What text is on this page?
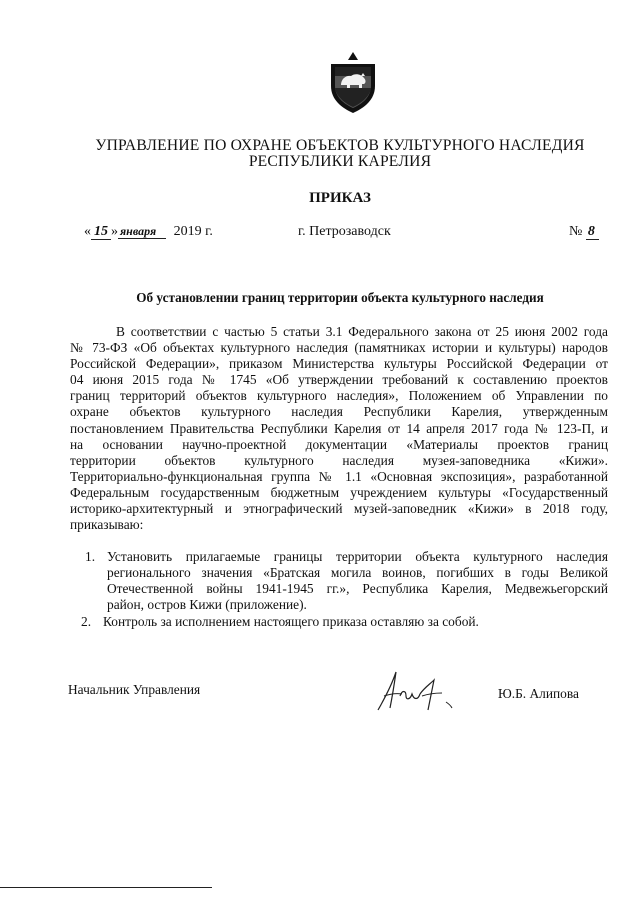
УПРАВЛЕНИЕ ПО ОХРАНЕ ОБЪЕКТОВ КУЛЬТУРНОГО НАСЛЕДИЯ
РЕСПУБЛИКИ КАРЕЛИЯ
ПРИКАЗ
« 15 » января 2019 г.	г. Петрозаводск	№ 8
Об установлении границ территории объекта культурного наследия
В соответствии с частью 5 статьи 3.1 Федерального закона от 25 июня 2002 года
№ 73-ФЗ «Об объектах культурного наследия (памятниках истории и культуры) народов
Российской Федерации», приказом Министерства культуры Российской Федерации от
04 июня 2015 года № 1745 «Об утверждении требований к составлению проектов
границ территорий объектов культурного наследия», Положением об Управлении по
охране объектов культурного наследия Республики Карелия, утвержденным
постановлением Правительства Республики Карелия от 14 апреля 2017 года № 123-П, и
на основании научно-проектной документации «Материалы проектов границ
территории объектов культурного наследия музея-заповедника «Кижи».
Территориально-функциональная группа № 1.1 «Основная экспозиция», разработанной
Федеральным государственным бюджетным учреждением культуры «Государственный
историко-архитектурный и этнографический музей-заповедник «Кижи» в 2018 году,
приказываю:
1. Установить прилагаемые границы территории объекта культурного наследия
регионального значения «Братская могила воинов, погибших в годы Великой
Отечественной войны 1941-1945 гг.», Республика Карелия, Медвежьегорский
район, остров Кижи (приложение).
2. Контроль за исполнением настоящего приказа оставляю за собой.
Начальник Управления	Ю.Б. Алипова
